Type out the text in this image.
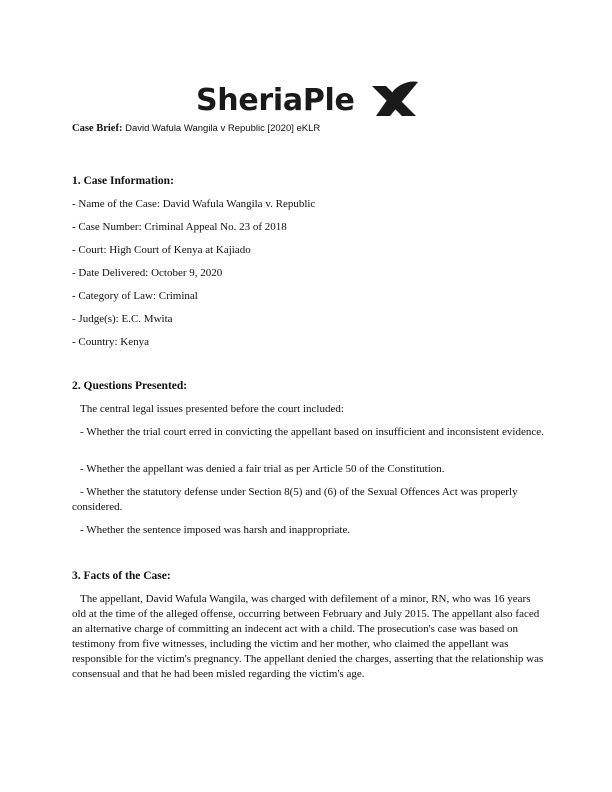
SheriaPle
Case Brief: David Wafula Wangila v Republic [2020] eKLR
1. Case Information:
- Name of the Case: David Wafula Wangila v. Republic
- Case Number: Criminal Appeal No. 23 of 2018
- Court: High Court of Kenya at Kajiado
- Date Delivered: October 9, 2020
- Category of Law: Criminal
- Judge(s): E.C. Mwita
- Country: Kenya
2. Questions Presented:

The central legal issues presented before the court included:

- Whether the trial court erred in convicting the appellant based on insufficient and inconsistent evidence.

- Whether the appellant was denied a fair trial as per Article 50 of the Constitution.

- Whether the statutory defense under Section 8(5) and (6) of the Sexual Offences Act was properly considered.

- Whether the sentence imposed was harsh and inappropriate.

3. Facts of the Case:

The appellant, David Wafula Wangila, was charged with defilement of a minor, RN, who was 16 years old at the time of the alleged offense, occurring between February and July 2015. The appellant also faced an alternative charge of committing an indecent act with a child. The prosecution's case was based on testimony from five witnesses, including the victim and her mother, who claimed the appellant was responsible for the victim's pregnancy. The appellant denied the charges, asserting that the relationship was consensual and that he had been misled regarding the victim's age.
